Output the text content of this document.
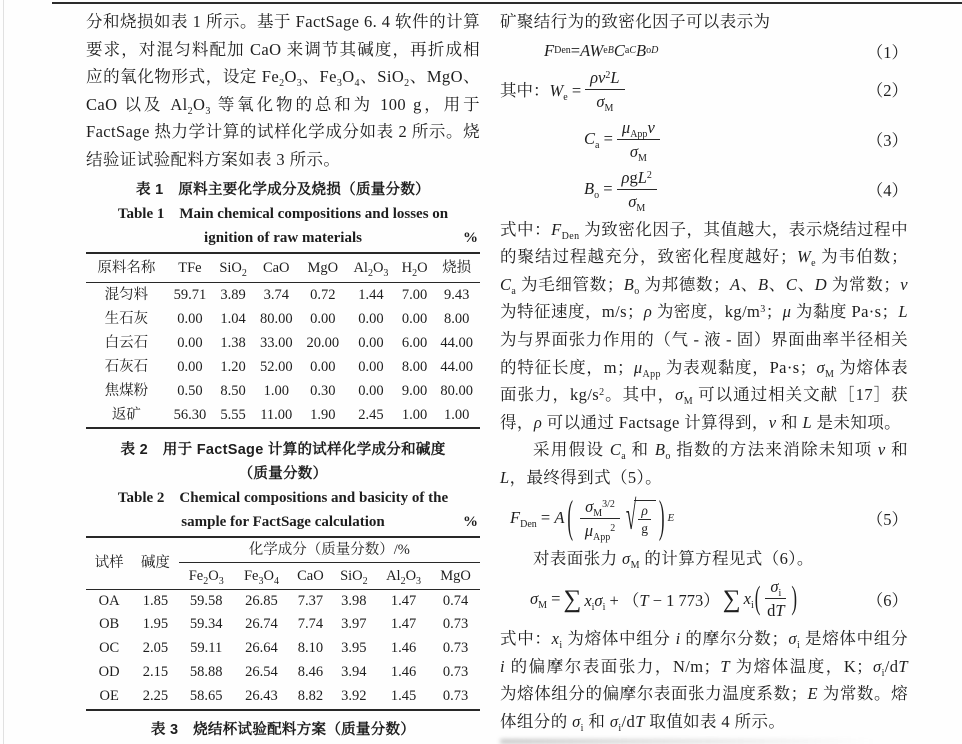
分和烧损如表 1 所示。基于 FactSage 6. 4 软件的计算要求，对混匀料配加 CaO 来调节其碱度，再折成相应的氧化物形式，设定 $Fe_2O_3$、$Fe_3O_4$、SiO$_2$、MgO、CaO 以及 $Al_2O_3$ 等氧化物的总和为 100 g，用于 FactSage 热力学计算的试样化学成分如表 2 所示。烧结验证试验配料方案如表 3 所示。

表 1　原料主要化学成分及烧损（质量分数）
Table 1　Main chemical compositions and losses on
ignition of raw materials	%
原料名称	TFe	SiO$_2$	CaO	MgO	$Al_2O_3$	$H_2O$	烧损
混匀料	59.71	3.89	3.74	0.72	1.44	7.00	9.43
生石灰	0.00	1.04	80.00	0.00	0.00	0.00	8.00
白云石	0.00	1.38	33.00	20.00	0.00	6.00	44.00
石灰石	0.00	1.20	52.00	0.00	0.00	8.00	44.00
焦煤粉	0.50	8.50	1.00	0.30	0.00	9.00	80.00
返矿	56.30	5.55	11.00	1.90	2.45	1.00	1.00
表 2　用于 FactSage 计算的试样化学成分和碱度
（质量分数）
Table 2　Chemical compositions and basicity of the
sample for FactSage calculation	%
试样	碱度	化学成分（质量分数）/%					
		$Fe_2O_3$	$Fe_3O_4$	CaO	SiO$_2$	$Al_2O_3$	MgO
OA	1.85	59.58	26.85	7.37	3.98	1.47	0.74
OB	1.95	59.34	26.74	7.74	3.97	1.47	0.73
OC	2.05	59.11	26.64	8.10	3.95	1.46	0.73
OD	2.15	58.88	26.54	8.46	3.94	1.46	0.73
OE	2.25	58.65	26.43	8.82	3.92	1.45	0.73
表 3　烧结杯试验配料方案（质量分数）

矿聚结行为的致密化因子可以表示为

F Den = AW e B C a C B o D	（1）
其中：$W_e = \frac{\rho v^2L}{\sigma_M}$	（2）
$C_a = \frac{\mu_{App}v}{\sigma_M}$	（3）
$B_o = \frac{\rho gL^2}{\sigma_M}$	（4）

式中：$F_{Den}$ 为致密化因子，其值越大，表示烧结过程中的聚结过程越充分，致密化程度越好；$W_e$ 为韦伯数；$C_a$ 为毛细管数；$B_o$ 为邦德数；A、B、C、D 为常数；v 为特征速度，m/s；ρ 为密度，$kg/m^3$；μ 为黏度 Pa·s；L 为与界面张力作用的（气 - 液 - 固）界面曲率半径相关的特征长度，m；$\mu_{App}$ 为表观黏度，Pa·s；$\sigma_M$ 为熔体表面张力，$kg/s^2$。其中，$\sigma_M$ 可以通过相关文献［17］获得，ρ 可以通过 Factsage 计算得到，v 和 L 是未知项。

采用假设 $C_a$ 和 $B_o$ 指数的方法来消除未知项 v 和 L，最终得到式（5）。

$F_{Den} = A$ ( $\frac{\sigma_M^{3/2}}{\mu_{App}^2}$ √ $\frac{\rho}{g}$ ) E	（5）

对表面张力 $\sigma_M$ 的计算方程见式（6）。

$\sigma_M$ = ∑ $x_i\sigma_i + (T - 1$ 773） ∑ $x_i$ ( $\frac{\sigma_i}{dT}$ )	（6）

式中：$x_i$ 为熔体中组分 i 的摩尔分数；$\sigma_i$ 是熔体中组分 i 的偏摩尔表面张力，N/m；T 为熔体温度，K；$\sigma_i/dT$ 为熔体组分的偏摩尔表面张力温度系数；E 为常数。熔体组分的 $\sigma_i$ 和 $\sigma_i/dT$ 取值如表 4 所示。
